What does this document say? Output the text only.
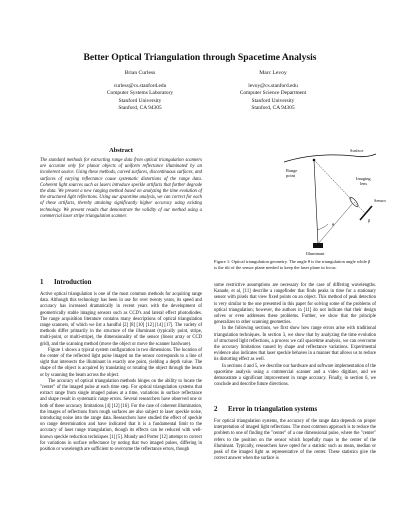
Better Optical Triangulation through Spacetime Analysis
Brian Curless
curless@cs.stanford.edu
Computer Systems Laboratory
Stanford University
Stanford, CA 94305
Marc Levoy
levoy@cs.stanford.edu
Computer Science Department
Stanford University
Stanford, CA 94305
Abstract

The standard methods for extracting range data from optical triangulation scanners are accurate only for planar objects of uniform reflectance illuminated by an incoherent source. Using these methods, curved surfaces, discontinuous surfaces, and surfaces of varying reflectance cause systematic distortions of the range data. Coherent light sources such as lasers introduce speckle artifacts that further degrade the data. We present a new ranging method based on analyzing the time evolution of the structured light reflections. Using our spacetime analysis, we can correct for each of these artifacts, thereby attaining significantly higher accuracy using existing technology. We present results that demonstrate the validity of our method using a commercial laser stripe triangulation scanner.

1 Introduction

Active optical triangulation is one of the most common methods for acquiring range data. Although this technology has been in use for over twenty years, its speed and accuracy has increased dramatically in recent years with the development of geometrically stable imaging sensors such as CCD's and lateral effect photodiodes. The range acquisition literature contains many descriptions of optical triangulation range scanners, of which we list a handful [2] [8] [10] [12] [14] [17]. The variety of methods differ primarily in the structure of the illuminant (typically point, stripe, multi-point, or multi-stripe), the dimensionality of the sensor (linear array or CCD grid), and the scanning method (move the object or move the scanner hardware).

Figure 1 shows a typical system configuration in two dimensions. The location of the center of the reflected light pulse imaged on the sensor corresponds to a line of sight that intersects the illuminant in exactly one point, yielding a depth value. The shape of the object is acquired by translating or rotating the object through the beam or by scanning the beam across the object.

The accuracy of optical triangulation methods hinges on the ability to locate the "center" of the imaged pulse at each time step. For optical triangulation systems that extract range from single imaged pulses at a time, variations in surface reflectance and shape result in systematic range errors. Several researchers have observed one or both of these accuracy limitations [4] [12] [16]. For the case of coherent illumination, the images of reflections from rough surfaces are also subject to laser speckle noise, introducing noise into the range data. Researchers have studied the effect of speckle on range determination and have indicated that it is a fundamental limit to the accuracy of laser range triangulation, though its effects can be reduced with well-known speckle reduction techniques [1] [5]. Mundy and Porter [12] attempt to correct for variations in surface reflectance by noting that two imaged pulses, differing in position or wavelength are sufficient to overcome the reflectance errors, though

Surface
Range
point
Imaging
lens
Sensor
θ
β
Illuminant
Figure 1: Optical triangulation geometry. The angle θ is the triangulation angle while β is the tilt of the sensor plane needed to keep the laser plane in focus.

some restrictive assumptions are necessary for the case of differing wavelengths. Kanade, et al, [11] describe a rangefinder that finds peaks in time for a stationary sensor with pixels that view fixed points on an object. This method of peak detection is very similar to the one presented in this paper for solving some of the problems of optical triangulation; however, the authors in [11] do not indicate that their design solves or even addresses these problems. Further, we show that the principle generalizes to other scanning geometries.

In the following sections, we first show how range errors arise with traditional triangulation techniques. In section 3, we show that by analyzing the time evolution of structured light reflections, a process we call spacetime analysis, we can overcome the accuracy limitations caused by shape and reflectance variations. Experimental evidence also indicates that laser speckle behaves in a manner that allows us to reduce its distorting effect as well.

In sections 4 and 5, we describe our hardware and software implementation of the spacetime analysis using a commercial scanner and a video digitizer, and we demonstrate a significant improvement in range accuracy. Finally, in section 6, we conclude and describe future directions.

2 Error in triangulation systems

For optical triangulation systems, the accuracy of the range data depends on proper interpretation of imaged light reflections. The most common approach is to reduce the problem to one of finding the "center" of a one dimensional pulse, where the "center" refers to the position on the sensor which hopefully maps to the center of the illuminant. Typically, researchers have opted for a statistic such as mean, median or peak of the imaged light as representative of the center. These statistics give the correct answer when the surface is
